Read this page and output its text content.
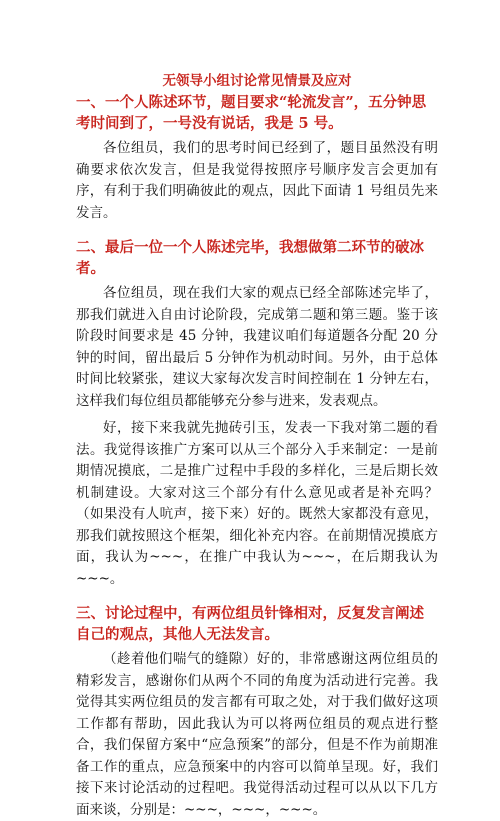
无领导小组讨论常见情景及应对
一、一个人陈述环节，题目要求“轮流发言”，五分钟思考时间到了，一号没有说话，我是 5 号。

各位组员，我们的思考时间已经到了，题目虽然没有明确要求依次发言，但是我觉得按照序号顺序发言会更加有序，有利于我们明确彼此的观点，因此下面请 1 号组员先来发言。

二、最后一位一个人陈述完毕，我想做第二环节的破冰者。

各位组员，现在我们大家的观点已经全部陈述完毕了，那我们就进入自由讨论阶段，完成第二题和第三题。鉴于该阶段时间要求是 45 分钟，我建议咱们每道题各分配 20 分钟的时间，留出最后 5 分钟作为机动时间。另外，由于总体时间比较紧张，建议大家每次发言时间控制在 1 分钟左右，这样我们每位组员都能够充分参与进来，发表观点。

好，接下来我就先抛砖引玉，发表一下我对第二题的看法。我觉得该推广方案可以从三个部分入手来制定：一是前期情况摸底，二是推广过程中手段的多样化，三是后期长效机制建设。大家对这三个部分有什么意见或者是补充吗？（如果没有人吭声，接下来）好的。既然大家都没有意见，那我们就按照这个框架，细化补充内容。在前期情况摸底方面，我认为~~~，在推广中我认为~~~，在后期我认为~~~。

三、讨论过程中，有两位组员针锋相对，反复发言阐述自己的观点，其他人无法发言。

（趁着他们喘气的缝隙）好的，非常感谢这两位组员的精彩发言，感谢你们从两个不同的角度为活动进行完善。我觉得其实两位组员的发言都有可取之处，对于我们做好这项工作都有帮助，因此我认为可以将两位组员的观点进行整合，我们保留方案中“应急预案”的部分，但是不作为前期准备工作的重点，应急预案中的内容可以简单呈现。好，我们接下来讨论活动的过程吧。我觉得活动过程可以从以下几方面来谈，分别是：~~~，~~~，~~~。
